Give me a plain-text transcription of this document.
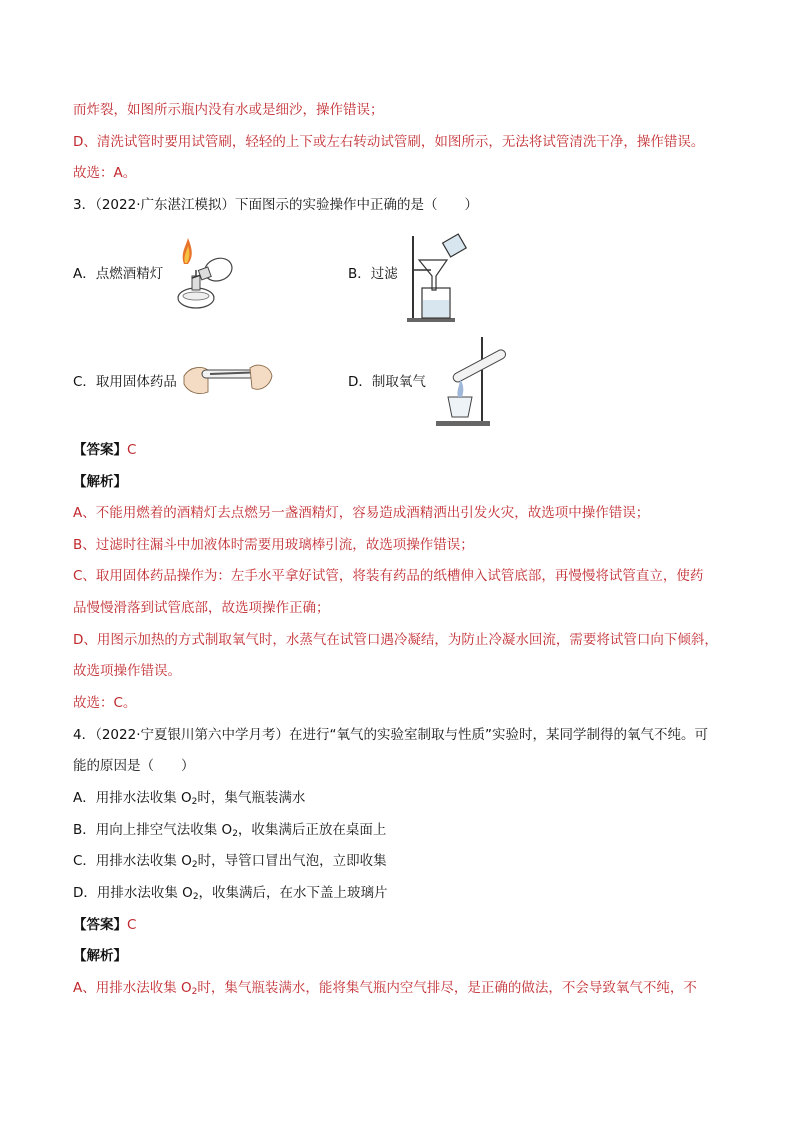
而炸裂，如图所示瓶内没有水或是细沙，操作错误；
D、清洗试管时要用试管刷，轻轻的上下或左右转动试管刷，如图所示，无法将试管清洗干净，操作错误。
故选：A。
3．（2022·广东湛江模拟）下面图示的实验操作中正确的是（　　）
A．点燃酒精灯	B．过滤
C．取用固体药品	D．制取氧气
【答案】C
【解析】
A、不能用燃着的酒精灯去点燃另一盏酒精灯，容易造成酒精洒出引发火灾，故选项中操作错误；
B、过滤时往漏斗中加液体时需要用玻璃棒引流，故选项操作错误；
C、取用固体药品操作为：左手水平拿好试管，将装有药品的纸槽伸入试管底部，再慢慢将试管直立，使药
品慢慢滑落到试管底部，故选项操作正确；
D、用图示加热的方式制取氧气时，水蒸气在试管口遇冷凝结，为防止冷凝水回流，需要将试管口向下倾斜，
故选项操作错误。
故选：C。
4．（2022·宁夏银川第六中学月考）在进行“氧气的实验室制取与性质”实验时，某同学制得的氧气不纯。可
能的原因是（　　）
A．用排水法收集 $O_2$时，集气瓶装满水
B．用向上排空气法收集 $O_2$，收集满后正放在桌面上
C．用排水法收集 $O_2$时，导管口冒出气泡，立即收集
D．用排水法收集 $O_2$，收集满后，在水下盖上玻璃片
【答案】C
【解析】
A、用排水法收集 $O_2$时，集气瓶装满水，能将集气瓶内空气排尽，是正确的做法，不会导致氧气不纯，不
